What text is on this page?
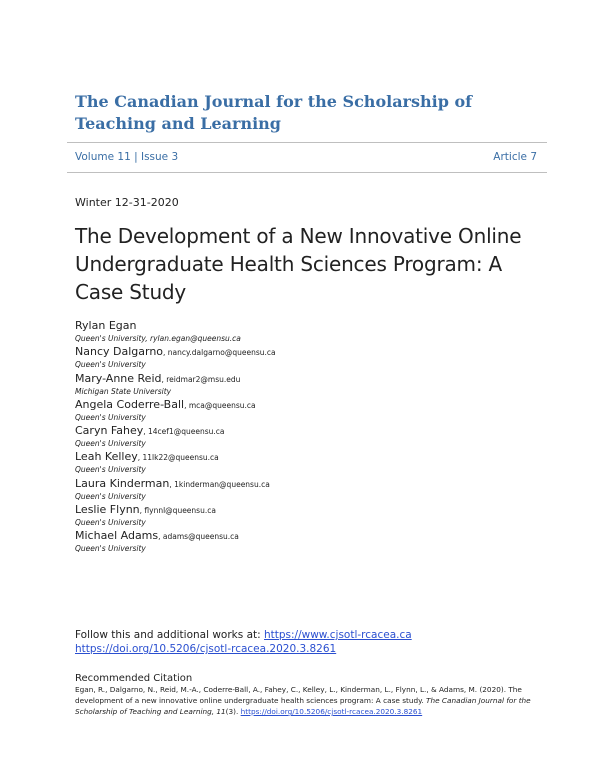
The Canadian Journal for the Scholarship of Teaching and Learning
Volume 11 | Issue 3	Article 7
Winter 12-31-2020
The Development of a New Innovative Online Undergraduate Health Sciences Program: A Case Study
Rylan Egan
Queen's University, rylan.egan@queensu.ca
Nancy Dalgarno, nancy.dalgarno@queensu.ca
Queen's University
Mary-Anne Reid, reidmar2@msu.edu
Michigan State University
Angela Coderre-Ball, mca@queensu.ca
Queen's University
Caryn Fahey, 14cef1@queensu.ca
Queen's University
Leah Kelley, 11lk22@queensu.ca
Queen's University
Laura Kinderman, 1kinderman@queensu.ca
Queen's University
Leslie Flynn, flynnl@queensu.ca
Queen's University
Michael Adams, adams@queensu.ca
Queen's University
Follow this and additional works at: https://www.cjsotl-rcacea.ca
https://doi.org/10.5206/cjsotl-rcacea.2020.3.8261
Recommended Citation
Egan, R., Dalgarno, N., Reid, M.-A., Coderre-Ball, A., Fahey, C., Kelley, L., Kinderman, L., Flynn, L., & Adams, M. (2020). The development of a new innovative online undergraduate health sciences program: A case study. The Canadian Journal for the Scholarship of Teaching and Learning, 11(3). https://doi.org/10.5206/cjsotl-rcacea.2020.3.8261
